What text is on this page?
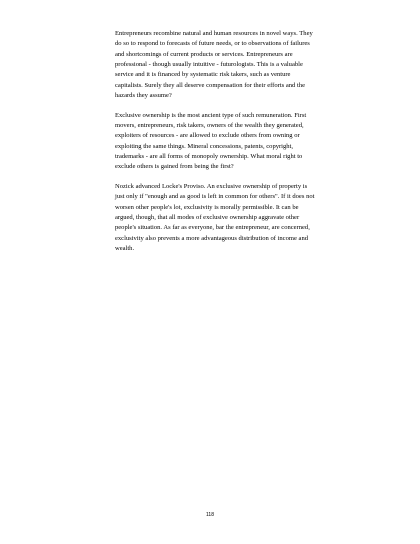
Entrepreneurs recombine natural and human resources in novel ways. They do so to respond to forecasts of future needs, or to observations of failures and shortcomings of current products or services. Entrepreneurs are professional - though usually intuitive - futurologists. This is a valuable service and it is financed by systematic risk takers, such as venture capitalists. Surely they all deserve compensation for their efforts and the hazards they assume?

Exclusive ownership is the most ancient type of such remuneration. First movers, entrepreneurs, risk takers, owners of the wealth they generated, exploiters of resources - are allowed to exclude others from owning or exploiting the same things. Mineral concessions, patents, copyright, trademarks - are all forms of monopoly ownership. What moral right to exclude others is gained from being the first?

Nozick advanced Locke's Proviso. An exclusive ownership of property is just only if "enough and as good is left in common for others". If it does not worsen other people's lot, exclusivity is morally permissible. It can be argued, though, that all modes of exclusive ownership aggravate other people's situation. As far as everyone, bar the entrepreneur, are concerned, exclusivity also prevents a more advantageous distribution of income and wealth.

118
